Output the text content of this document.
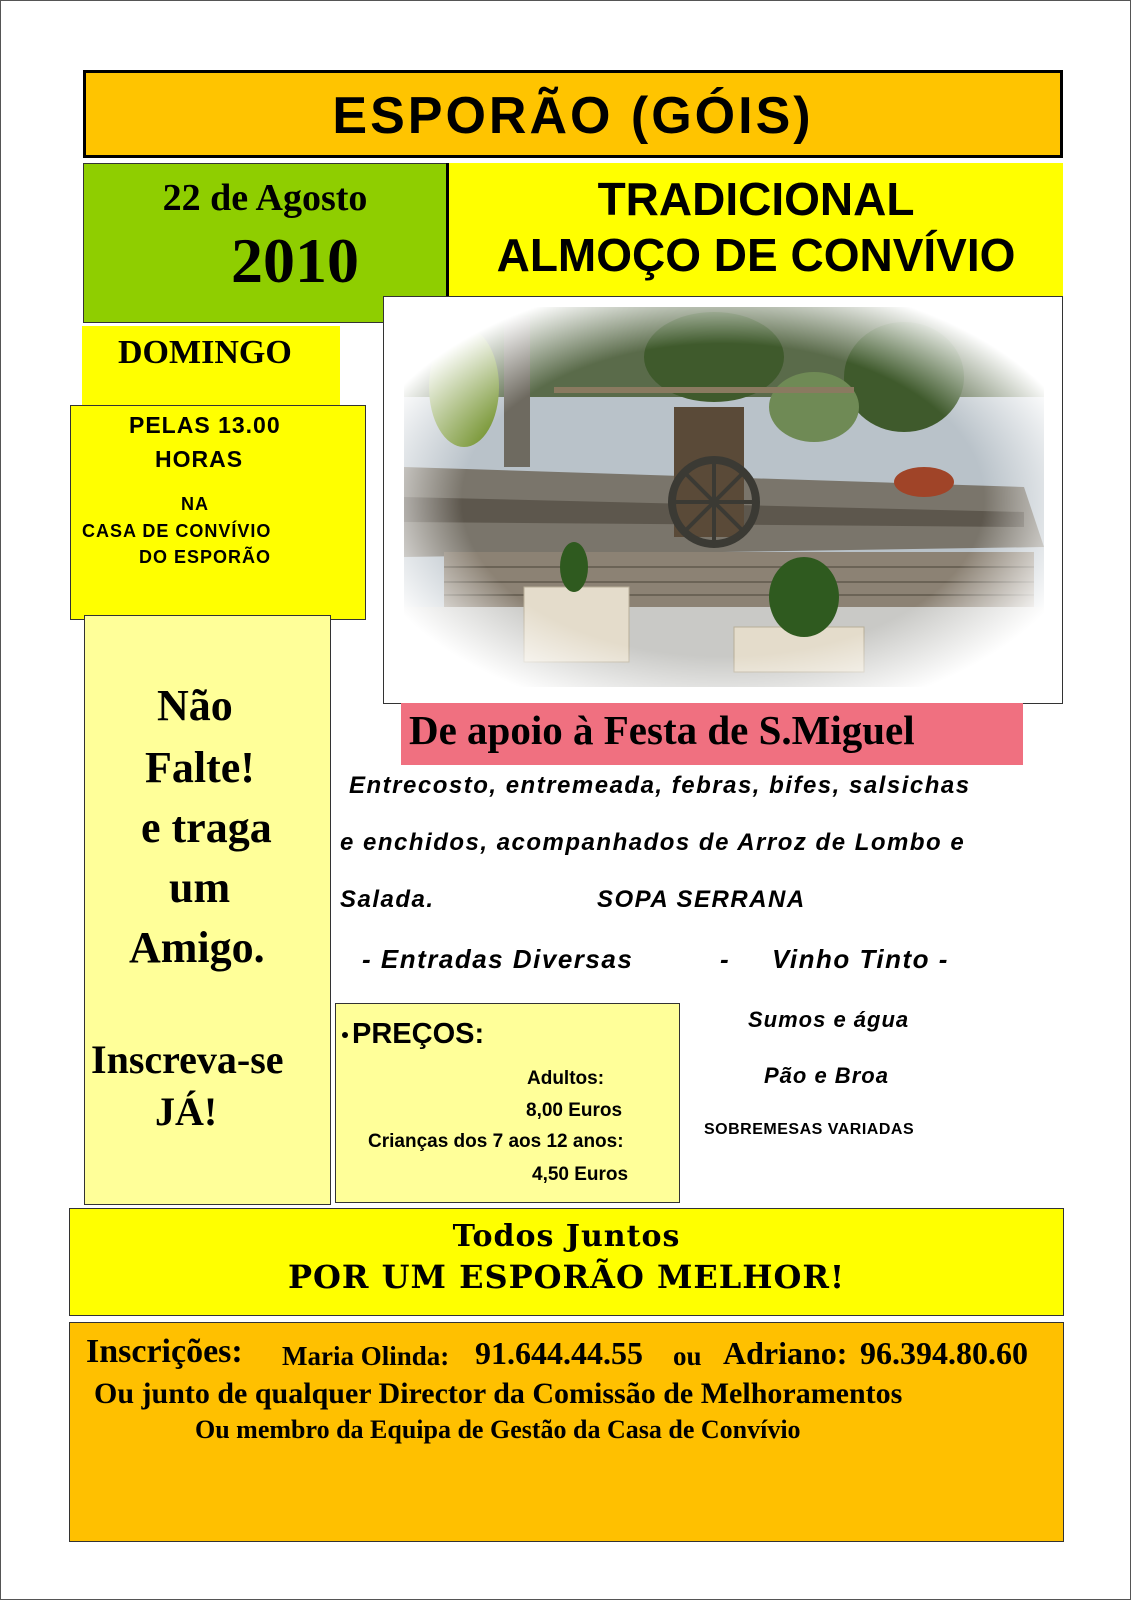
ESPORÃO (GÓIS)
22 de Agosto
2010
TRADICIONAL
ALMOÇO DE CONVÍVIO
DOMINGO
PELAS 13.00
HORAS
NA
CASA DE CONVÍVIO
DO ESPORÃO
Não
Falte!
e traga
um
Amigo.
Inscreva-se
JÁ!
De apoio à Festa de S.Miguel
Entrecosto, entremeada, febras, bifes, salsichas
e enchidos, acompanhados de Arroz de Lombo e
Salada.	SOPA SERRANA
- Entradas Diversas	- Vinho Tinto -
Sumos e água
Pão e Broa
SOBREMESAS VARIADAS
PREÇOS:
Adultos:
8,00 Euros
Crianças dos 7 aos 12 anos:
4,50 Euros
Todos Juntos
POR UM ESPORÃO MELHOR!
Inscrições: Maria Olinda: 91.644.44.55 ou Adriano: 96.394.80.60
Ou junto de qualquer Director da Comissão de Melhoramentos
Ou membro da Equipa de Gestão da Casa de Convívio
